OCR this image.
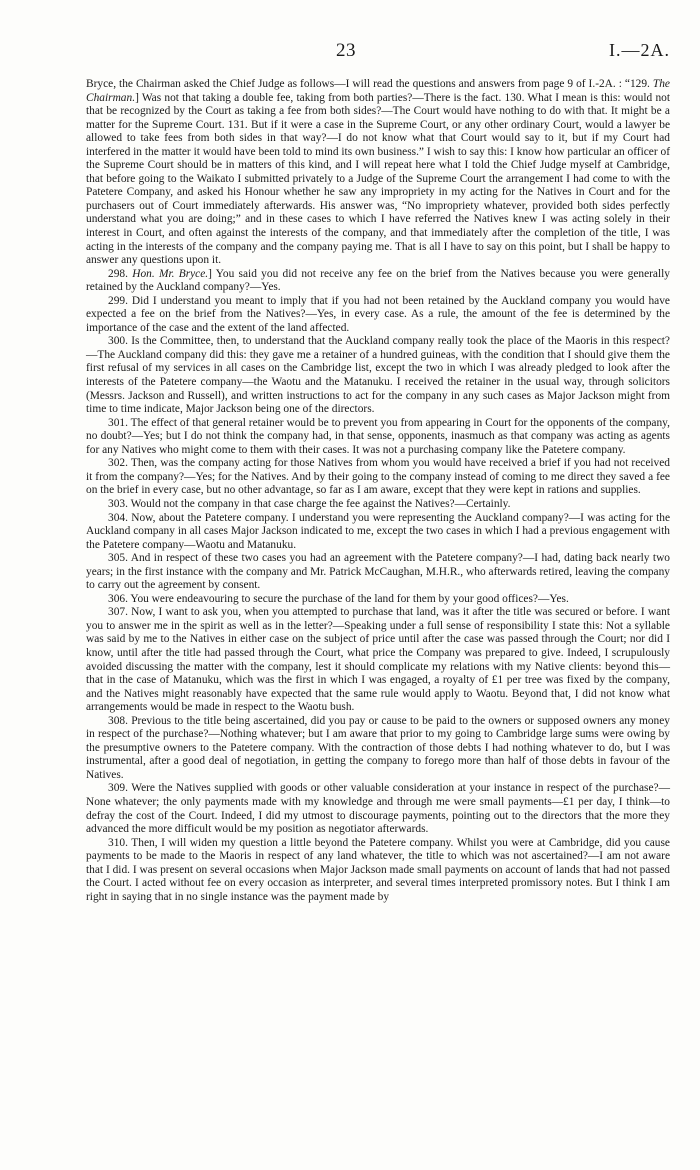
23	I.—2A.

Bryce, the Chairman asked the Chief Judge as follows—I will read the questions and answers from page 9 of I.-2A. : “129. The Chairman.] Was not that taking a double fee, taking from both parties?—There is the fact. 130. What I mean is this: would not that be recognized by the Court as taking a fee from both sides?—The Court would have nothing to do with that. It might be a matter for the Supreme Court. 131. But if it were a case in the Supreme Court, or any other ordinary Court, would a lawyer be allowed to take fees from both sides in that way?—I do not know what that Court would say to it, but if my Court had interfered in the matter it would have been told to mind its own business.” I wish to say this: I know how particular an officer of the Supreme Court should be in matters of this kind, and I will repeat here what I told the Chief Judge myself at Cambridge, that before going to the Waikato I submitted privately to a Judge of the Supreme Court the arrangement I had come to with the Patetere Company, and asked his Honour whether he saw any impropriety in my acting for the Natives in Court and for the purchasers out of Court immediately afterwards. His answer was, “No impropriety whatever, provided both sides perfectly understand what you are doing;” and in these cases to which I have referred the Natives knew I was acting solely in their interest in Court, and often against the interests of the company, and that immediately after the completion of the title, I was acting in the interests of the company and the company paying me. That is all I have to say on this point, but I shall be happy to answer any questions upon it.

298. Hon. Mr. Bryce.] You said you did not receive any fee on the brief from the Natives because you were generally retained by the Auckland company?—Yes.

299. Did I understand you meant to imply that if you had not been retained by the Auckland company you would have expected a fee on the brief from the Natives?—Yes, in every case. As a rule, the amount of the fee is determined by the importance of the case and the extent of the land affected.

300. Is the Committee, then, to understand that the Auckland company really took the place of the Maoris in this respect?—The Auckland company did this: they gave me a retainer of a hundred guineas, with the condition that I should give them the first refusal of my services in all cases on the Cambridge list, except the two in which I was already pledged to look after the interests of the Patetere company—the Waotu and the Matanuku. I received the retainer in the usual way, through solicitors (Messrs. Jackson and Russell), and written instructions to act for the company in any such cases as Major Jackson might from time to time indicate, Major Jackson being one of the directors.

301. The effect of that general retainer would be to prevent you from appearing in Court for the opponents of the company, no doubt?—Yes; but I do not think the company had, in that sense, opponents, inasmuch as that company was acting as agents for any Natives who might come to them with their cases. It was not a purchasing company like the Patetere company.

302. Then, was the company acting for those Natives from whom you would have received a brief if you had not received it from the company?—Yes; for the Natives. And by their going to the company instead of coming to me direct they saved a fee on the brief in every case, but no other advantage, so far as I am aware, except that they were kept in rations and supplies.

303. Would not the company in that case charge the fee against the Natives?—Certainly.

304. Now, about the Patetere company. I understand you were representing the Auckland company?—I was acting for the Auckland company in all cases Major Jackson indicated to me, except the two cases in which I had a previous engagement with the Patetere company—Waotu and Matanuku.

305. And in respect of these two cases you had an agreement with the Patetere company?—I had, dating back nearly two years; in the first instance with the company and Mr. Patrick McCaughan, M.H.R., who afterwards retired, leaving the company to carry out the agreement by consent.

306. You were endeavouring to secure the purchase of the land for them by your good offices?—Yes.

307. Now, I want to ask you, when you attempted to purchase that land, was it after the title was secured or before. I want you to answer me in the spirit as well as in the letter?—Speaking under a full sense of responsibility I state this: Not a syllable was said by me to the Natives in either case on the subject of price until after the case was passed through the Court; nor did I know, until after the title had passed through the Court, what price the Company was prepared to give. Indeed, I scrupulously avoided discussing the matter with the company, lest it should complicate my relations with my Native clients: beyond this—that in the case of Matanuku, which was the first in which I was engaged, a royalty of £1 per tree was fixed by the company, and the Natives might reasonably have expected that the same rule would apply to Waotu. Beyond that, I did not know what arrangements would be made in respect to the Waotu bush.

308. Previous to the title being ascertained, did you pay or cause to be paid to the owners or supposed owners any money in respect of the purchase?—Nothing whatever; but I am aware that prior to my going to Cambridge large sums were owing by the presumptive owners to the Patetere company. With the contraction of those debts I had nothing whatever to do, but I was instrumental, after a good deal of negotiation, in getting the company to forego more than half of those debts in favour of the Natives.

309. Were the Natives supplied with goods or other valuable consideration at your instance in respect of the purchase?—None whatever; the only payments made with my knowledge and through me were small payments—£1 per day, I think—to defray the cost of the Court. Indeed, I did my utmost to discourage payments, pointing out to the directors that the more they advanced the more difficult would be my position as negotiator afterwards.

310. Then, I will widen my question a little beyond the Patetere company. Whilst you were at Cambridge, did you cause payments to be made to the Maoris in respect of any land whatever, the title to which was not ascertained?—I am not aware that I did. I was present on several occasions when Major Jackson made small payments on account of lands that had not passed the Court. I acted without fee on every occasion as interpreter, and several times interpreted promissory notes. But I think I am right in saying that in no single instance was the payment made by
